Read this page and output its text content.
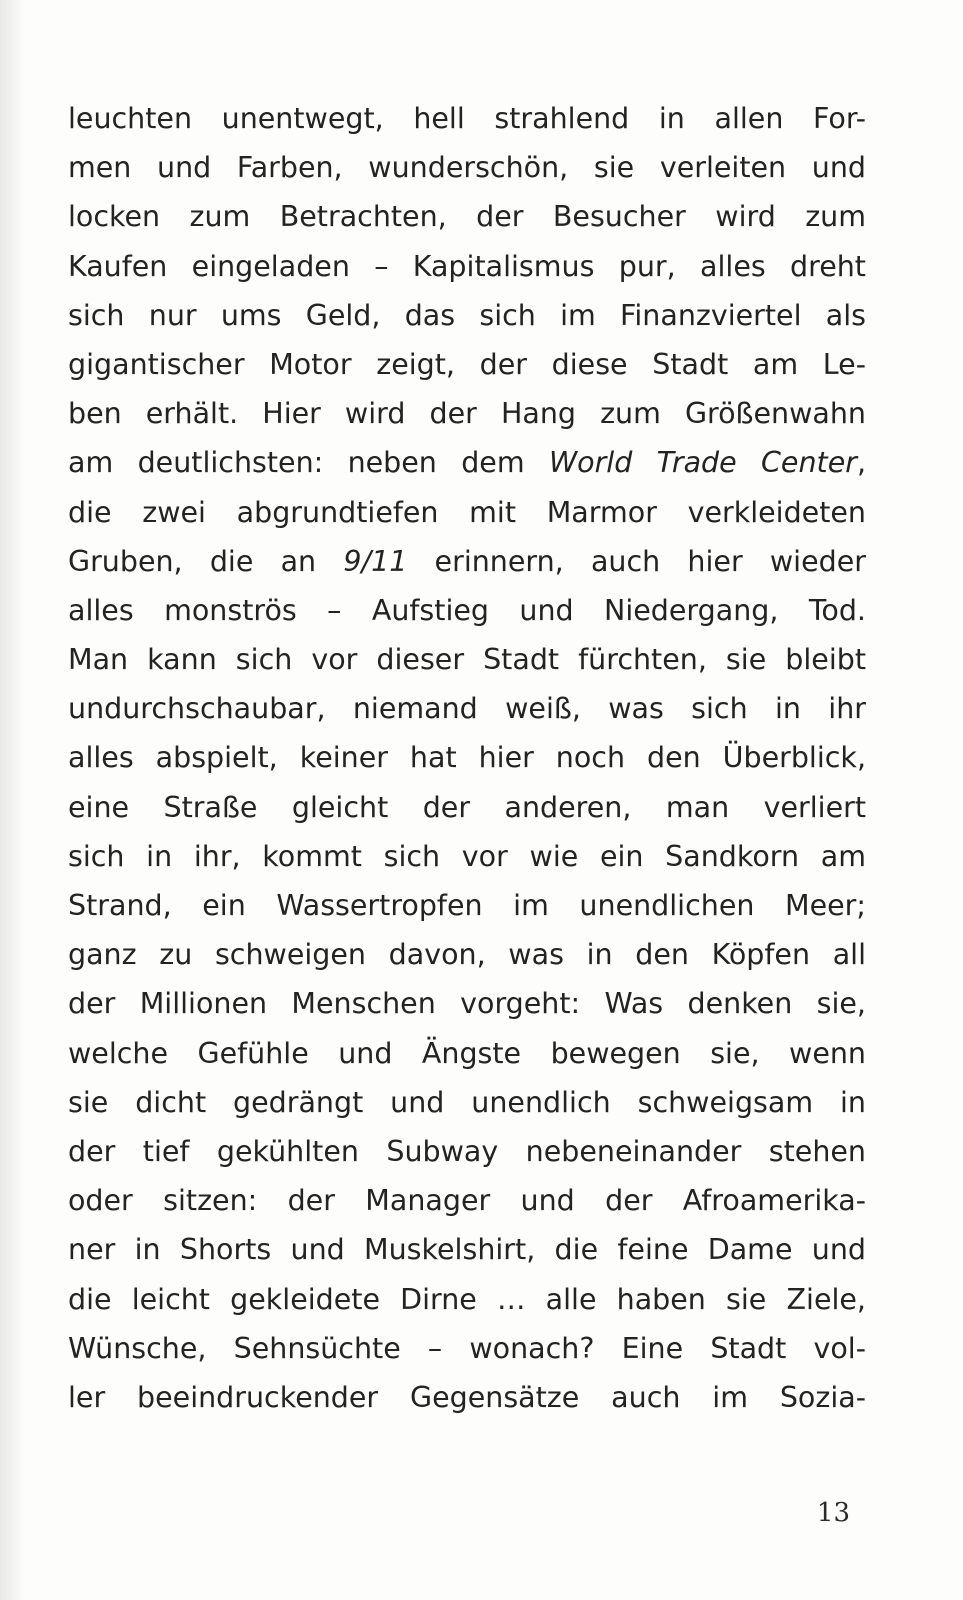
leuchten unentwegt, hell strahlend in allen For-
men und Farben, wunderschön, sie verleiten und
locken zum Betrachten, der Besucher wird zum
Kaufen eingeladen – Kapitalismus pur, alles dreht
sich nur ums Geld, das sich im Finanzviertel als
gigantischer Motor zeigt, der diese Stadt am Le-
ben erhält. Hier wird der Hang zum Größenwahn
am deutlichsten: neben dem World Trade Center,
die zwei abgrundtiefen mit Marmor verkleideten
Gruben, die an 9/11 erinnern, auch hier wieder
alles monströs – Aufstieg und Niedergang, Tod.
Man kann sich vor dieser Stadt fürchten, sie bleibt
undurchschaubar, niemand weiß, was sich in ihr
alles abspielt, keiner hat hier noch den Überblick,
eine Straße gleicht der anderen, man verliert
sich in ihr, kommt sich vor wie ein Sandkorn am
Strand, ein Wassertropfen im unendlichen Meer;
ganz zu schweigen davon, was in den Köpfen all
der Millionen Menschen vorgeht: Was denken sie,
welche Gefühle und Ängste bewegen sie, wenn
sie dicht gedrängt und unendlich schweigsam in
der tief gekühlten Subway nebeneinander stehen
oder sitzen: der Manager und der Afroamerika-
ner in Shorts und Muskelshirt, die feine Dame und
die leicht gekleidete Dirne … alle haben sie Ziele,
Wünsche, Sehnsüchte – wonach? Eine Stadt vol-
ler beeindruckender Gegensätze auch im Sozia-
13
